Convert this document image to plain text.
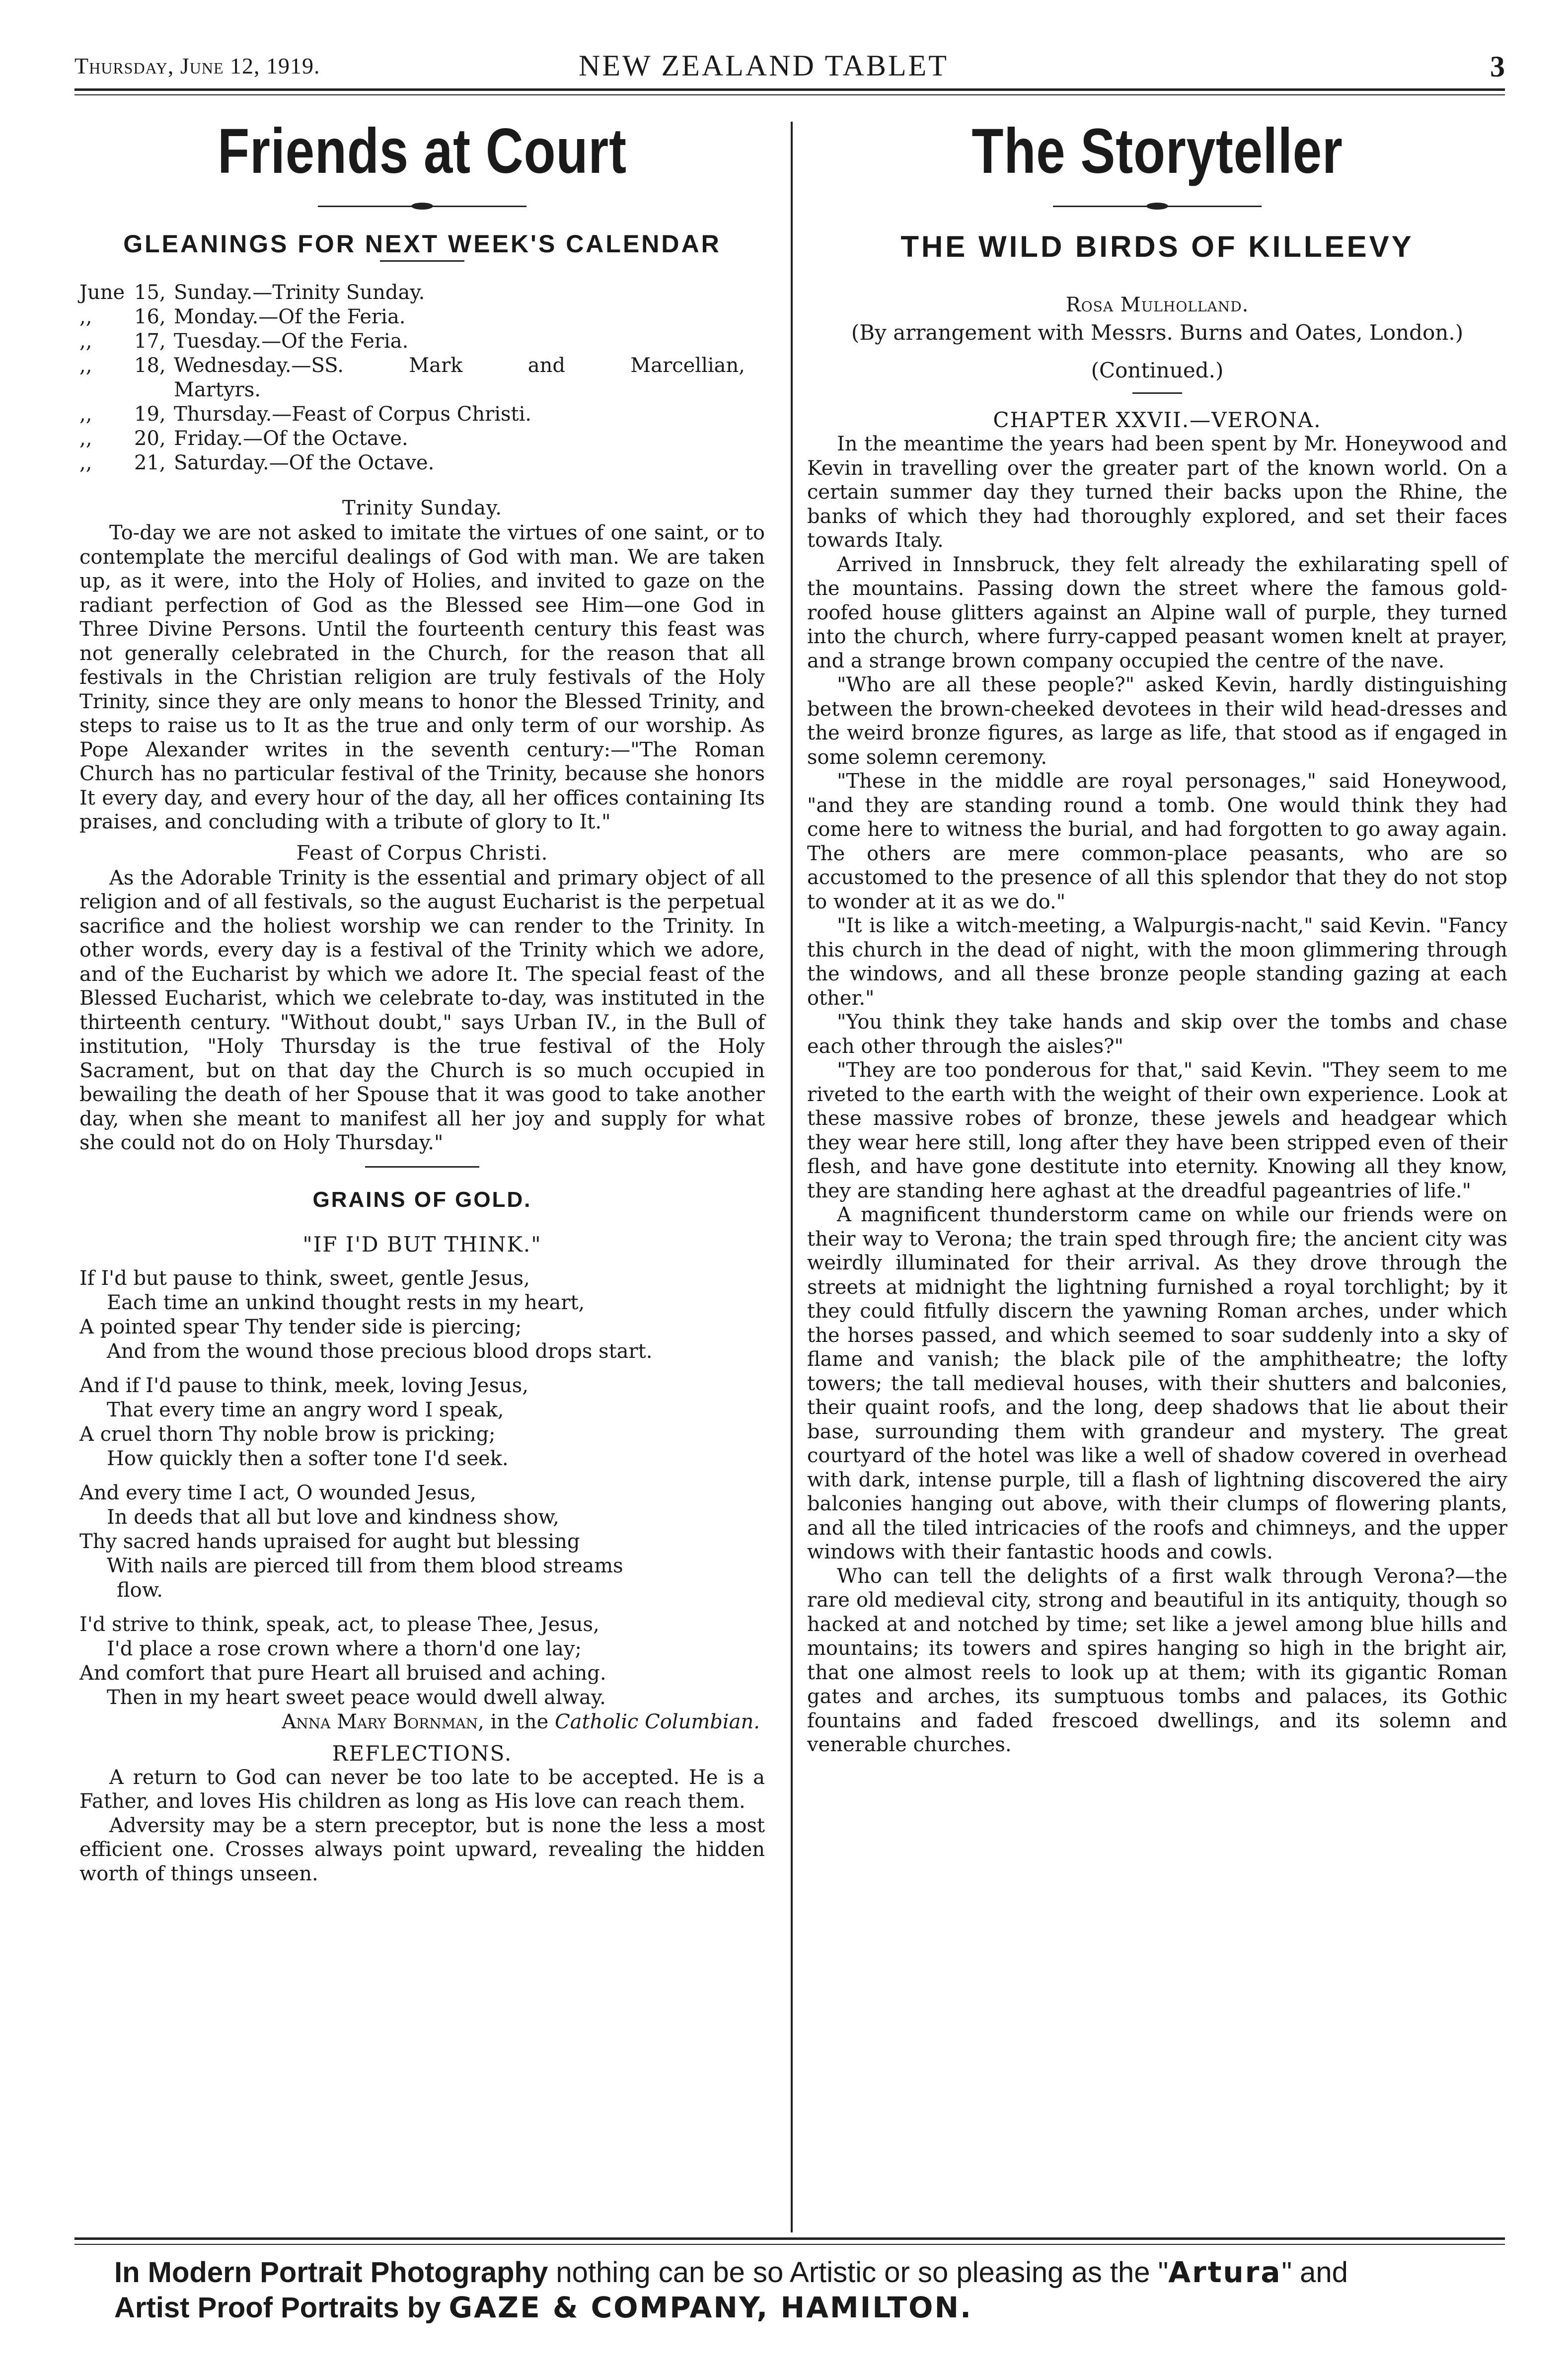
Thursday, June 12, 1919.	NEW ZEALAND TABLET	3
Friends at Court
GLEANINGS FOR NEXT WEEK'S CALENDAR
June 15, Sunday.—Trinity Sunday.
,,	16, Monday.—Of the Feria.
,,	17, Tuesday.—Of the Feria.
,,	18, Wednesday.—SS. Mark and Marcellian,
Martyrs.
,,	19, Thursday.—Feast of Corpus Christi.
,,	20, Friday.—Of the Octave.
,,	21, Saturday.—Of the Octave.
Trinity Sunday.

To-day we are not asked to imitate the virtues of one saint, or to contemplate the merciful dealings of God with man. We are taken up, as it were, into the Holy of Holies, and invited to gaze on the radiant perfection of God as the Blessed see Him—one God in Three Divine Persons. Until the fourteenth century this feast was not generally celebrated in the Church, for the reason that all festivals in the Christian religion are truly festivals of the Holy Trinity, since they are only means to honor the Blessed Trinity, and steps to raise us to It as the true and only term of our worship. As Pope Alexander writes in the seventh century:—"The Roman Church has no particular festival of the Trinity, because she honors It every day, and every hour of the day, all her offices containing Its praises, and concluding with a tribute of glory to It."

Feast of Corpus Christi.

As the Adorable Trinity is the essential and primary object of all religion and of all festivals, so the august Eucharist is the perpetual sacrifice and the holiest worship we can render to the Trinity. In other words, every day is a festival of the Trinity which we adore, and of the Eucharist by which we adore It. The special feast of the Blessed Eucharist, which we celebrate to-day, was instituted in the thirteenth century. "Without doubt," says Urban IV., in the Bull of institution, "Holy Thursday is the true festival of the Holy Sacrament, but on that day the Church is so much occupied in bewailing the death of her Spouse that it was good to take another day, when she meant to manifest all her joy and supply for what she could not do on Holy Thursday."

GRAINS OF GOLD.
"IF I'D BUT THINK."
If I'd but pause to think, sweet, gentle Jesus,
Each time an unkind thought rests in my heart,
A pointed spear Thy tender side is piercing;
And from the wound those precious blood drops start.
And if I'd pause to think, meek, loving Jesus,
That every time an angry word I speak,
A cruel thorn Thy noble brow is pricking;
How quickly then a softer tone I'd seek.
And every time I act, O wounded Jesus,
In deeds that all but love and kindness show,
Thy sacred hands upraised for aught but blessing
With nails are pierced till from them blood streams
flow.
I'd strive to think, speak, act, to please Thee, Jesus,
I'd place a rose crown where a thorn'd one lay;
And comfort that pure Heart all bruised and aching.
Then in my heart sweet peace would dwell alway.
Anna Mary Bornman, in the Catholic Columbian.
REFLECTIONS.

A return to God can never be too late to be accepted. He is a Father, and loves His children as long as His love can reach them.

Adversity may be a stern preceptor, but is none the less a most efficient one. Crosses always point upward, revealing the hidden worth of things unseen.

The Storyteller
THE WILD BIRDS OF KILLEEVY
Rosa Mulholland.
(By arrangement with Messrs. Burns and Oates, London.)
(Continued.)
CHAPTER XXVII.—VERONA.

In the meantime the years had been spent by Mr. Honeywood and Kevin in travelling over the greater part of the known world. On a certain summer day they turned their backs upon the Rhine, the banks of which they had thoroughly explored, and set their faces towards Italy.

Arrived in Innsbruck, they felt already the exhilarating spell of the mountains. Passing down the street where the famous gold-roofed house glitters against an Alpine wall of purple, they turned into the church, where furry-capped peasant women knelt at prayer, and a strange brown company occupied the centre of the nave.

"Who are all these people?" asked Kevin, hardly distinguishing between the brown-cheeked devotees in their wild head-dresses and the weird bronze figures, as large as life, that stood as if engaged in some solemn ceremony.

"These in the middle are royal personages," said Honeywood, "and they are standing round a tomb. One would think they had come here to witness the burial, and had forgotten to go away again. The others are mere common-place peasants, who are so accustomed to the presence of all this splendor that they do not stop to wonder at it as we do."

"It is like a witch-meeting, a Walpurgis-nacht," said Kevin. "Fancy this church in the dead of night, with the moon glimmering through the windows, and all these bronze people standing gazing at each other."

"You think they take hands and skip over the tombs and chase each other through the aisles?"

"They are too ponderous for that," said Kevin. "They seem to me riveted to the earth with the weight of their own experience. Look at these massive robes of bronze, these jewels and headgear which they wear here still, long after they have been stripped even of their flesh, and have gone destitute into eternity. Knowing all they know, they are standing here aghast at the dreadful pageantries of life."

A magnificent thunderstorm came on while our friends were on their way to Verona; the train sped through fire; the ancient city was weirdly illuminated for their arrival. As they drove through the streets at midnight the lightning furnished a royal torchlight; by it they could fitfully discern the yawning Roman arches, under which the horses passed, and which seemed to soar suddenly into a sky of flame and vanish; the black pile of the amphitheatre; the lofty towers; the tall medieval houses, with their shutters and balconies, their quaint roofs, and the long, deep shadows that lie about their base, surrounding them with grandeur and mystery. The great courtyard of the hotel was like a well of shadow covered in overhead with dark, intense purple, till a flash of lightning discovered the airy balconies hanging out above, with their clumps of flowering plants, and all the tiled intricacies of the roofs and chimneys, and the upper windows with their fantastic hoods and cowls.

Who can tell the delights of a first walk through Verona?—the rare old medieval city, strong and beautiful in its antiquity, though so hacked at and notched by time; set like a jewel among blue hills and mountains; its towers and spires hanging so high in the bright air, that one almost reels to look up at them; with its gigantic Roman gates and arches, its sumptuous tombs and palaces, its Gothic fountains and faded frescoed dwellings, and its solemn and venerable churches.

In Modern Portrait Photography nothing can be so Artistic or so pleasing as the "Artura" and
Artist Proof Portraits by GAZE & COMPANY, HAMILTON.
